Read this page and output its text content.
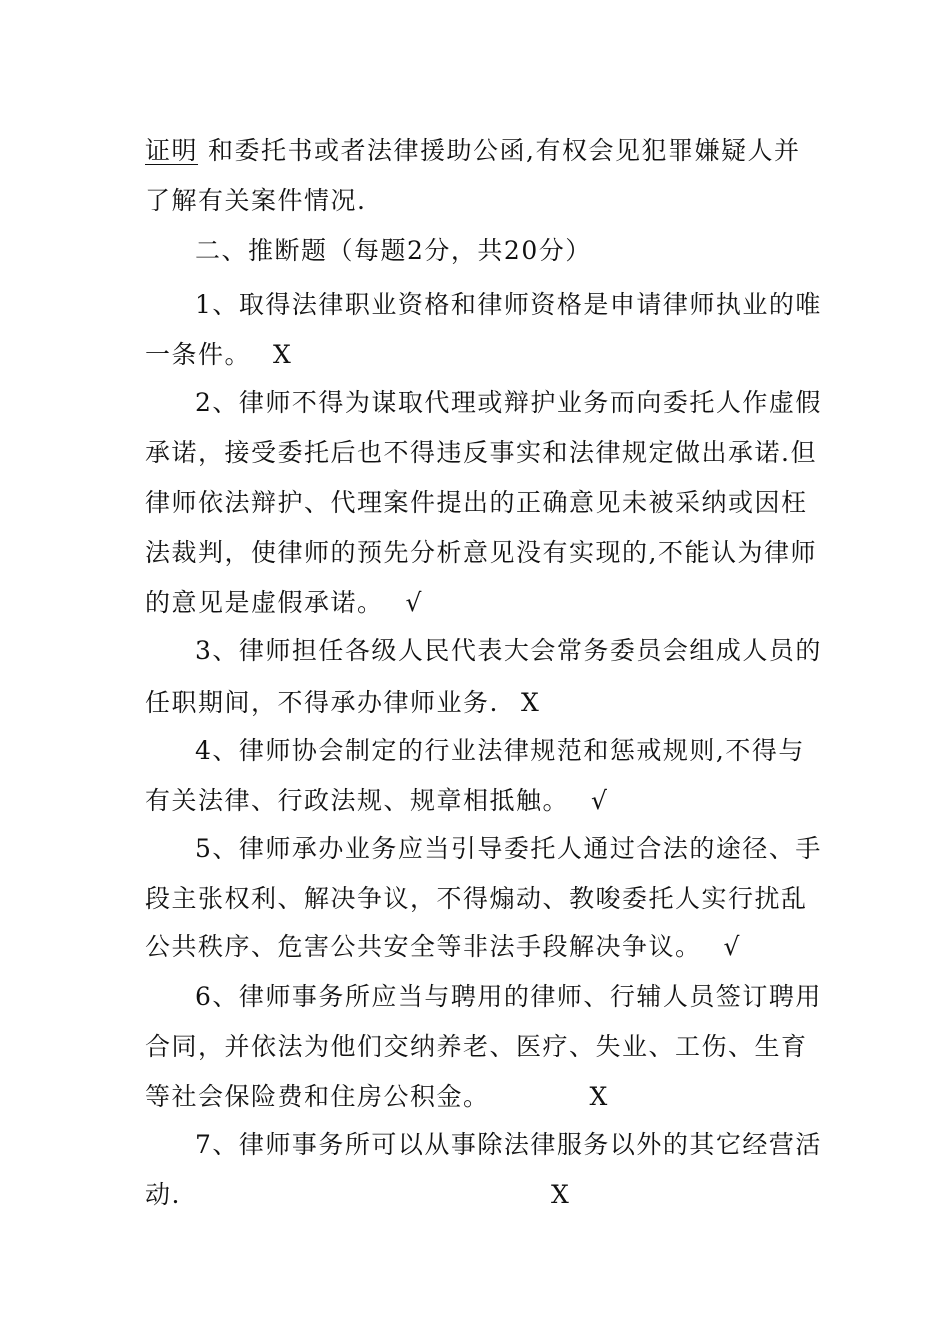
证明 和委托书或者法律援助公函,有权会见犯罪嫌疑人并
了解有关案件情况.
二、推断题（每题2分，共20分）
1、取得法律职业资格和律师资格是申请律师执业的唯
一条件。 X
2、律师不得为谋取代理或辩护业务而向委托人作虚假
承诺，接受委托后也不得违反事实和法律规定做出承诺.但
律师依法辩护、代理案件提出的正确意见未被采纳或因枉
法裁判，使律师的预先分析意见没有实现的,不能认为律师
的意见是虚假承诺。 √
3、律师担任各级人民代表大会常务委员会组成人员的
任职期间，不得承办律师业务. X
4、律师协会制定的行业法律规范和惩戒规则,不得与
有关法律、行政法规、规章相抵触。 √
5、律师承办业务应当引导委托人通过合法的途径、手
段主张权利、解决争议，不得煽动、教唆委托人实行扰乱
公共秩序、危害公共安全等非法手段解决争议。 √
6、律师事务所应当与聘用的律师、行辅人员签订聘用
合同，并依法为他们交纳养老、医疗、失业、工伤、生育
等社会保险费和住房公积金。	X
7、律师事务所可以从事除法律服务以外的其它经营活
动.	X
